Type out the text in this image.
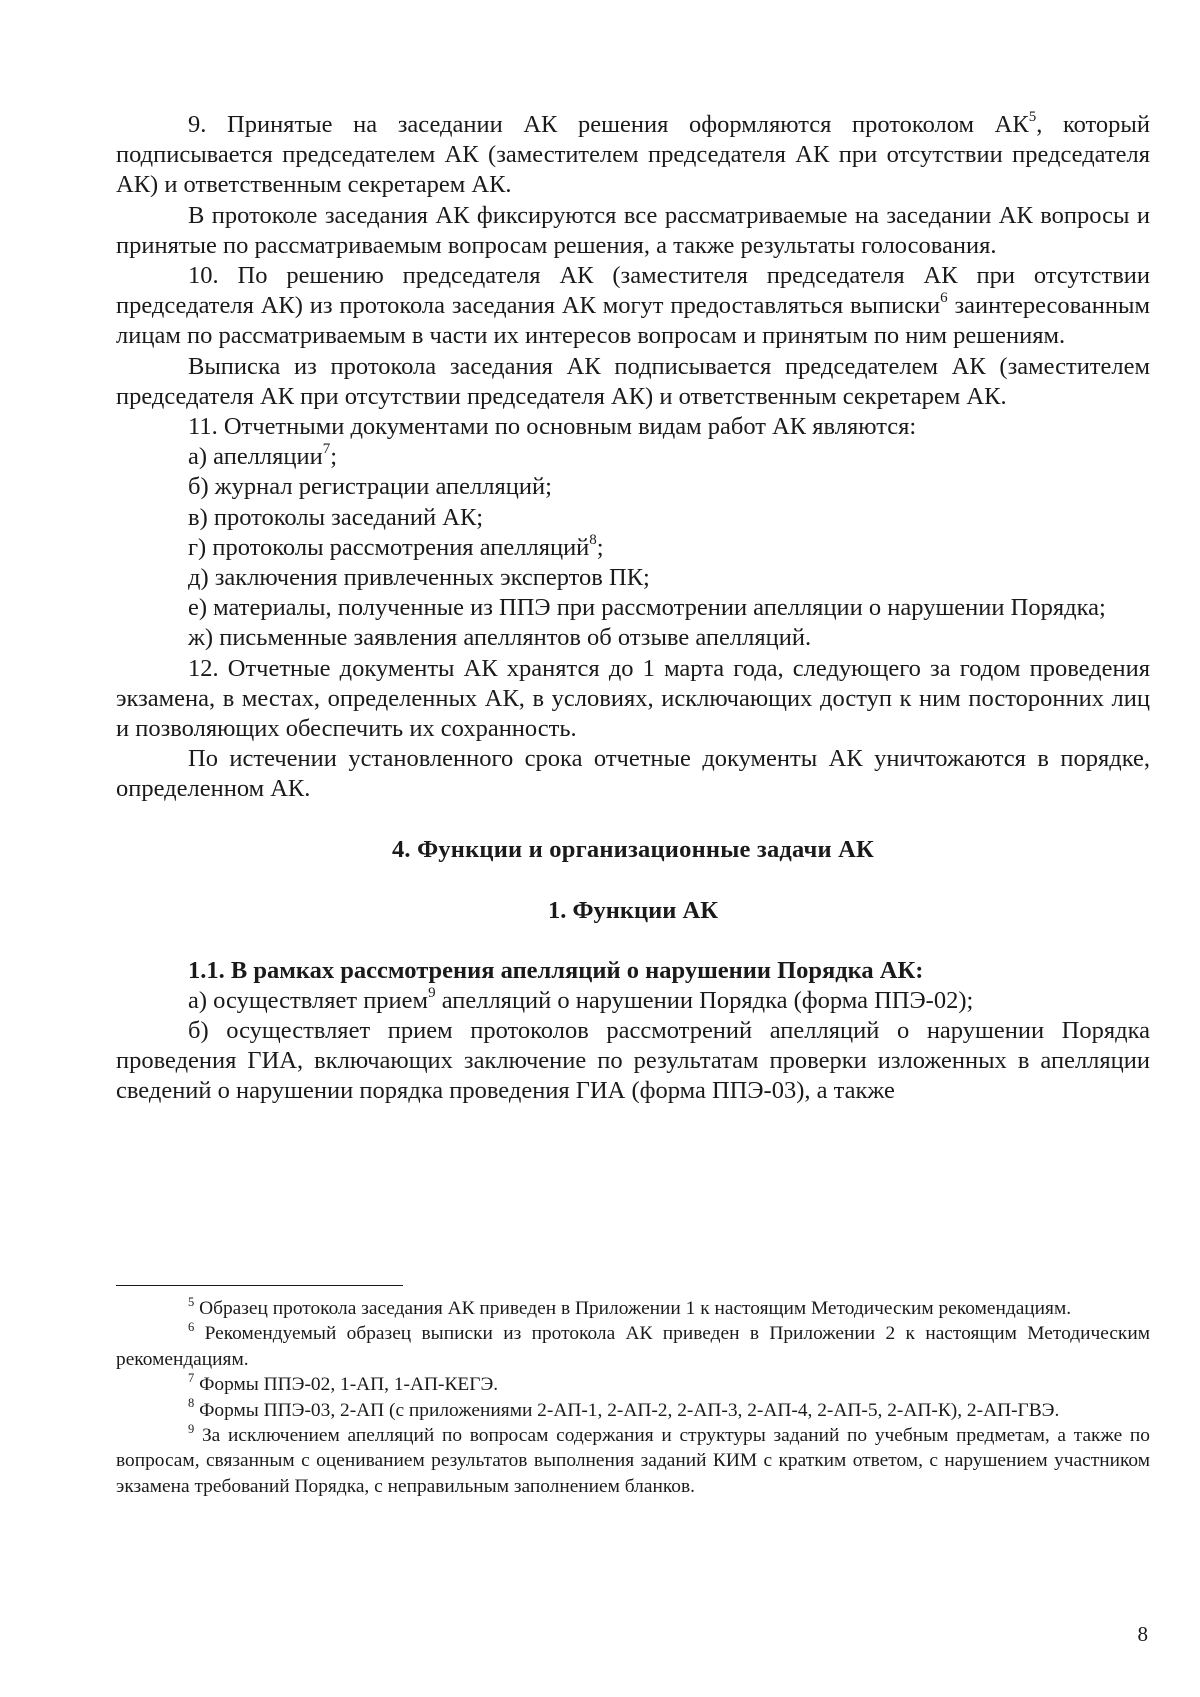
9. Принятые на заседании АК решения оформляются протоколом $АК^5$, который подписывается председателем АК (заместителем председателя АК при отсутствии председателя АК) и ответственным секретарем АК.

В протоколе заседания АК фиксируются все рассматриваемые на заседании АК вопросы и принятые по рассматриваемым вопросам решения, а также результаты голосования.

10. По решению председателя АК (заместителя председателя АК при отсутствии председателя АК) из протокола заседания АК могут предоставляться выписки$^6$ заинтересованным лицам по рассматриваемым в части их интересов вопросам и принятым по ним решениям.

Выписка из протокола заседания АК подписывается председателем АК (заместителем председателя АК при отсутствии председателя АК) и ответственным секретарем АК.

11. Отчетными документами по основным видам работ АК являются:

а) апелляции$^7$;

б) журнал регистрации апелляций;

в) протоколы заседаний АК;

г) протоколы рассмотрения апелляций$^8$;

д) заключения привлеченных экспертов ПК;

е) материалы, полученные из ППЭ при рассмотрении апелляции о нарушении Порядка;

ж) письменные заявления апеллянтов об отзыве апелляций.

12. Отчетные документы АК хранятся до 1 марта года, следующего за годом проведения экзамена, в местах, определенных АК, в условиях, исключающих доступ к ним посторонних лиц и позволяющих обеспечить их сохранность.

По истечении установленного срока отчетные документы АК уничтожаются в порядке, определенном АК.

4. Функции и организационные задачи АК

1. Функции АК

1.1. В рамках рассмотрения апелляций о нарушении Порядка АК:

а) осуществляет прием$^9$ апелляций о нарушении Порядка (форма ППЭ-02);

б) осуществляет прием протоколов рассмотрений апелляций о нарушении Порядка проведения ГИА, включающих заключение по результатам проверки изложенных в апелляции сведений о нарушении порядка проведения ГИА (форма ППЭ-03), а также

$^5$ Образец протокола заседания АК приведен в Приложении 1 к настоящим Методическим рекомендациям.

$^6$ Рекомендуемый образец выписки из протокола АК приведен в Приложении 2 к настоящим Методическим рекомендациям.

$^7$ Формы ППЭ-02, 1-АП, 1-АП-КЕГЭ.

$^8$ Формы ППЭ-03, 2-АП (с приложениями 2-АП-1, 2-АП-2, 2-АП-3, 2-АП-4, 2-АП-5, 2-АП-К), 2-АП-ГВЭ.

$^9$ За исключением апелляций по вопросам содержания и структуры заданий по учебным предметам, а также по вопросам, связанным с оцениванием результатов выполнения заданий КИМ с кратким ответом, с нарушением участником экзамена требований Порядка, с неправильным заполнением бланков.

8
